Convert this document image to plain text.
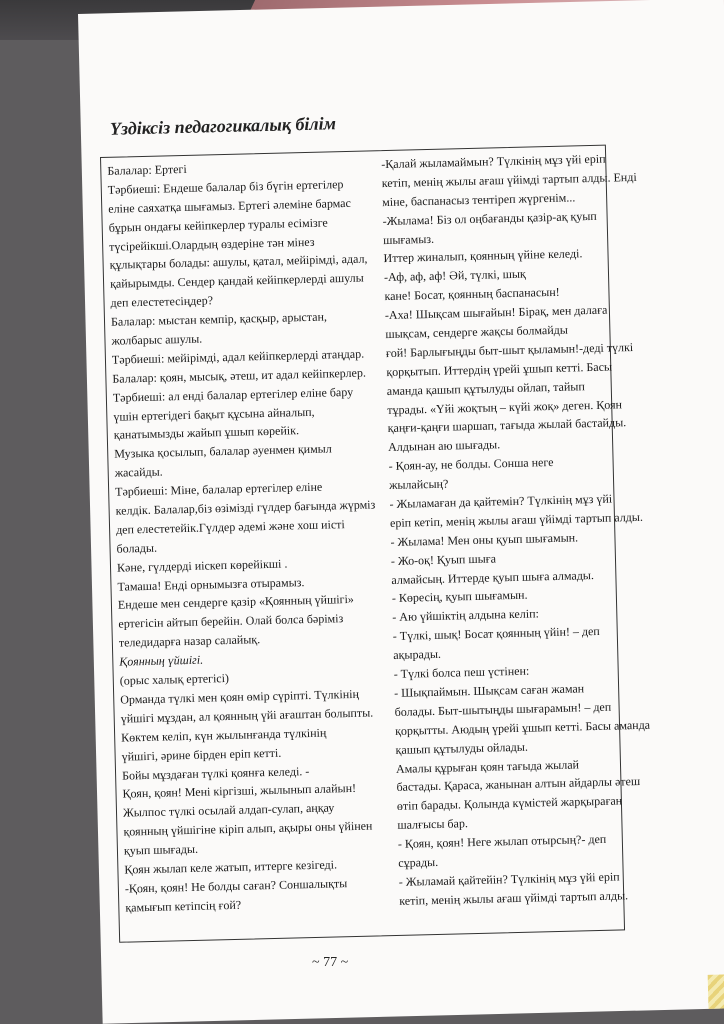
Үздіксіз педагогикалық білім
Балалар: Ертегі
Тәрбиеші: Ендеше балалар біз бүгін ертегілер
еліне саяхатқа шығамыз. Ертегі әлеміне бармас
бұрын ондағы кейіпкерлер туралы есімізге
түсірейікші.Олардың өздеріне тән мінез
құлықтары болады: ашулы, қатал, мейірімді, адал,
қайырымды. Сендер қандай кейіпкерлерді ашулы
деп елестетесіңдер?
Балалар: мыстан кемпір, қасқыр, арыстан,
жолбарыс ашулы.
Тәрбиеші: мейірімді, адал кейіпкерлерді атаңдар.
Балалар: қоян, мысық, әтеш, ит адал кейіпкерлер.
Тәрбиеші: ал енді балалар ертегілер еліне бару
үшін ертегідегі бақыт құсына айналып,
қанатымызды жайып ұшып көрейік.
Музыка қосылып, балалар әуенмен қимыл
жасайды.
Тәрбиеші: Міне, балалар ертегілер еліне
келдік. Балалар,біз өзімізді гүлдер бағында жүрміз
деп елестетейік.Гүлдер әдемі және хош иісті
болады.
Кәне, гүлдерді иіскеп көрейікші .
Тамаша! Енді орнымызға отырамыз.
Ендеше мен сендерге қазір «Қоянның үйшігі»
ертегісін айтып берейін. Олай болса бәріміз
теледидарға назар салайық.
Қоянның үйшігі.
(орыс халық ертегісі)
Орманда түлкі мен қоян өмір сүріпті. Түлкінің
үйшігі мұздан, ал қоянның үйі ағаштан болыпты.
Көктем келіп, күн жылынғанда түлкінің
үйшігі, әрине бірден еріп кетті.
Бойы мұздаған түлкі қоянға келеді. -
Қоян, қоян! Мені кіргізші, жылынып алайын!
Жылпос түлкі осылай алдап-сулап, аңқау
қоянның үйшігіне кіріп алып, ақыры оны үйінен
қуып шығады.
Қоян жылап келе жатып, иттерге кезігеді.
-Қоян, қоян! Не болды саған? Соншалықты
қамығып кетіпсің ғой?
-Қалай жыламаймын? Түлкінің мұз үйі еріп
кетіп, менің жылы ағаш үйімді тартып алды. Енді
міне, баспанасыз тентіреп жүргенім...
-Жылама! Біз ол оңбағанды қазір-ақ қуып
шығамыз.
Иттер жиналып, қоянның үйіне келеді.
-Аф, аф, аф! Әй, түлкі, шық
кане! Босат, қоянның баспанасын!
-Аха! Шықсам шығайын! Бірақ, мен далаға
шықсам, сендерге жақсы болмайды
ғой! Барлығыңды быт-шыт қыламын!-деді түлкі
қорқытып. Иттердің үрейі ұшып кетті. Басы
аманда қашып құтылуды ойлап, тайып
тұрады. «Үйі жоқтың – күйі жоқ» деген. Қоян
қаңғи-қаңғи шаршап, тағыда жылай бастайды.
Алдынан аю шығады.
- Қоян-ау, не болды. Сонша неге
жылайсың?
- Жыламаған да қайтемін? Түлкінің мұз үйі
еріп кетіп, менің жылы ағаш үйімді тартып алды.
- Жылама! Мен оны қуып шығамын.
- Жо-оқ! Қуып шыға
алмайсың. Иттерде қуып шыға алмады.
- Көресің, қуып шығамын.
- Аю үйшіктің алдына келіп:
- Түлкі, шық! Босат қоянның үйін! – деп
ақырады.
- Түлкі болса пеш үстінен:
- Шықпаймын. Шықсам саған жаман
болады. Быт-шытыңды шығарамын! – деп
қорқытты. Аюдың үрейі ұшып кетті. Басы аманда
қашып құтылуды ойлады.
Амалы құрыған қоян тағыда жылай
бастады. Қараса, жанынан алтын айдарлы әтеш
өтіп барады. Қолында күмістей жарқыраған
шалғысы бар.
- Қоян, қоян! Неге жылап отырсың?- деп
сұрады.
- Жыламай қайтейін? Түлкінің мұз үйі еріп
кетіп, менің жылы ағаш үйімді тартып алды.
~ 77 ~
